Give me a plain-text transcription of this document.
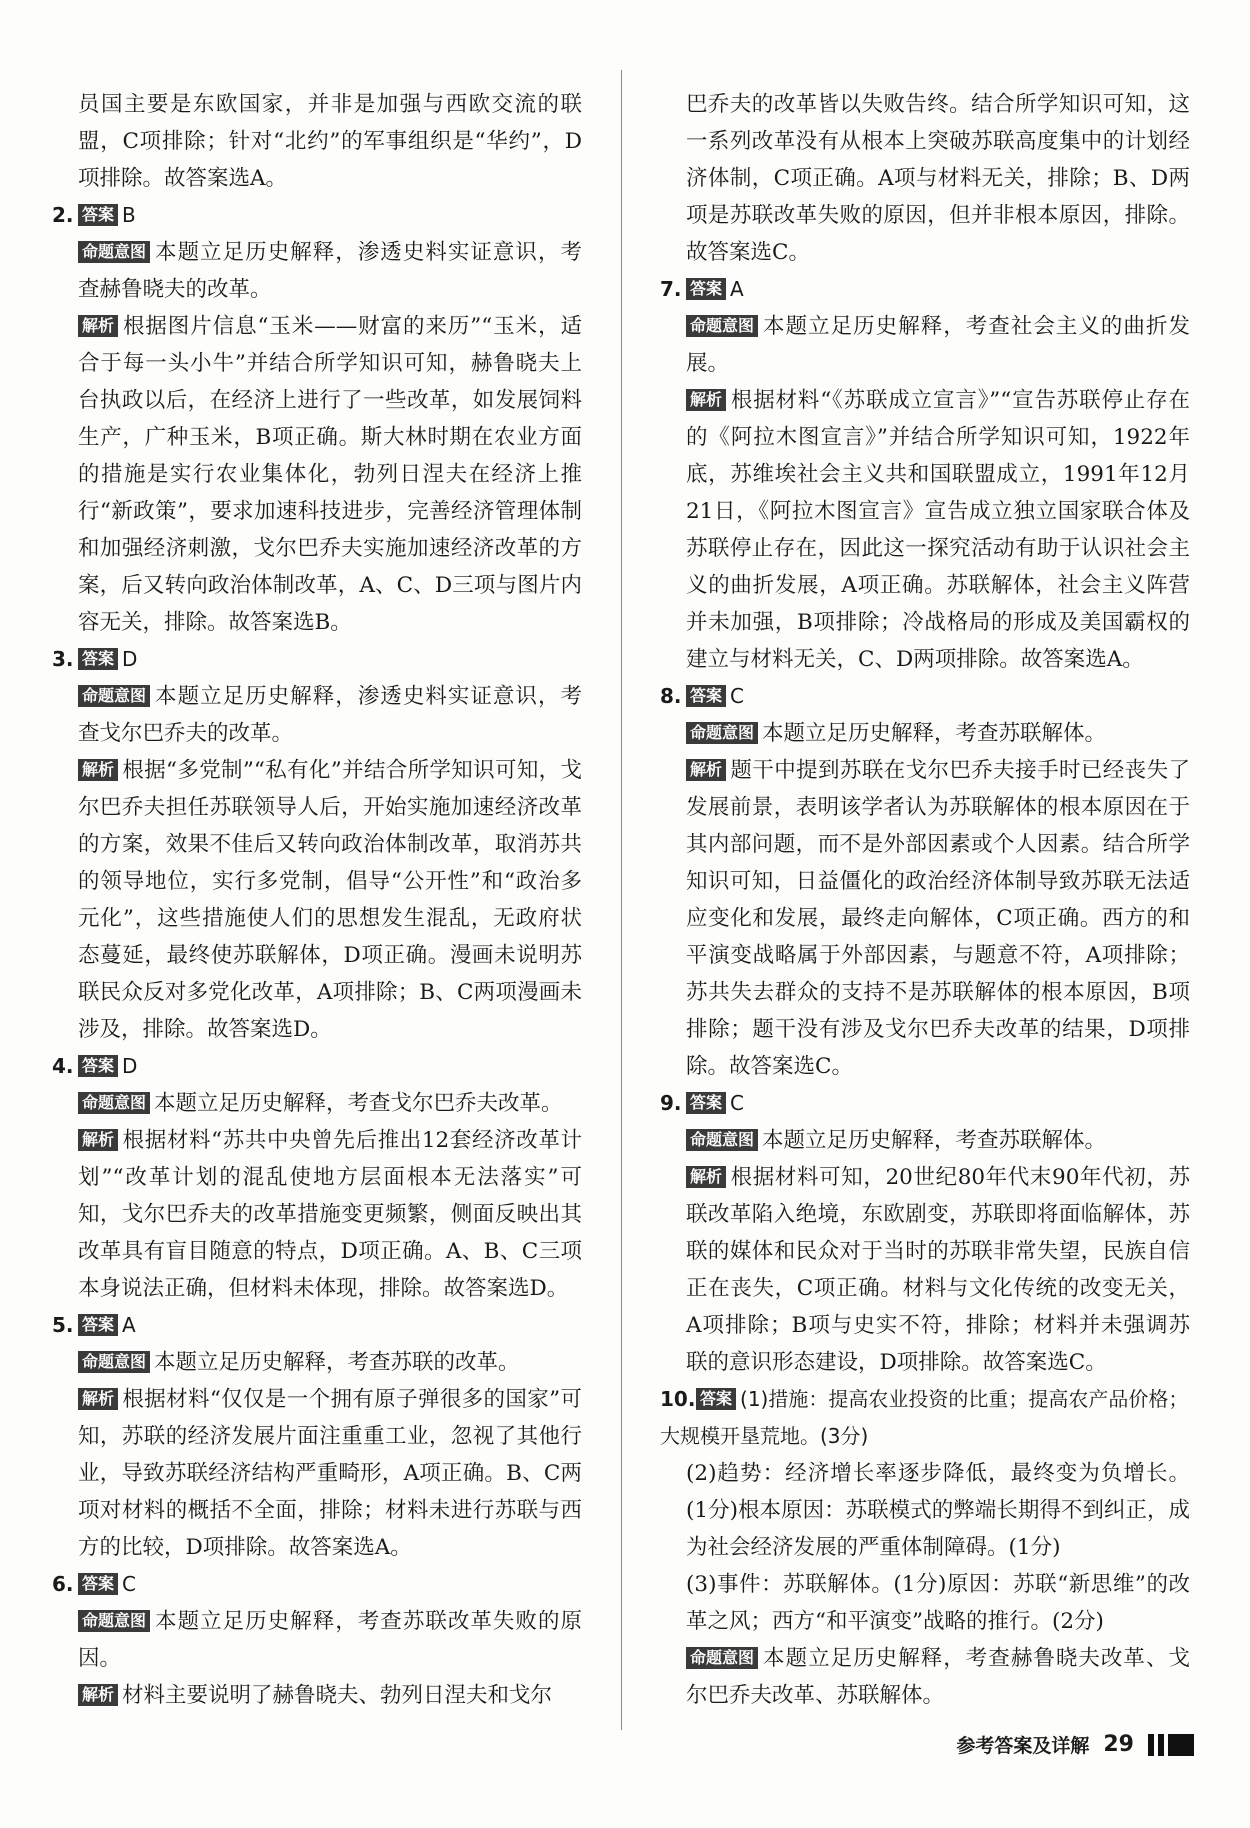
员国主要是东欧国家，并非是加强与西欧交流的联盟，C项排除；针对“北约”的军事组织是“华约”，D项排除。故答案选A。
2. 答案 B
命题意图 本题立足历史解释，渗透史料实证意识，考查赫鲁晓夫的改革。
解析 根据图片信息“玉米——财富的来历”“玉米，适合于每一头小牛”并结合所学知识可知，赫鲁晓夫上台执政以后，在经济上进行了一些改革，如发展饲料生产，广种玉米，B项正确。斯大林时期在农业方面的措施是实行农业集体化，勃列日涅夫在经济上推行“新政策”，要求加速科技进步，完善经济管理体制和加强经济刺激，戈尔巴乔夫实施加速经济改革的方案，后又转向政治体制改革，A、C、D三项与图片内容无关，排除。故答案选B。
3. 答案 D
命题意图 本题立足历史解释，渗透史料实证意识，考查戈尔巴乔夫的改革。
解析 根据“多党制”“私有化”并结合所学知识可知，戈尔巴乔夫担任苏联领导人后，开始实施加速经济改革的方案，效果不佳后又转向政治体制改革，取消苏共的领导地位，实行多党制，倡导“公开性”和“政治多元化”，这些措施使人们的思想发生混乱，无政府状态蔓延，最终使苏联解体，D项正确。漫画未说明苏联民众反对多党化改革，A项排除；B、C两项漫画未涉及，排除。故答案选D。
4. 答案 D
命题意图 本题立足历史解释，考查戈尔巴乔夫改革。
解析 根据材料“苏共中央曾先后推出12套经济改革计划”“改革计划的混乱使地方层面根本无法落实”可知，戈尔巴乔夫的改革措施变更频繁，侧面反映出其改革具有盲目随意的特点，D项正确。A、B、C三项本身说法正确，但材料未体现，排除。故答案选D。
5. 答案 A
命题意图 本题立足历史解释，考查苏联的改革。
解析 根据材料“仅仅是一个拥有原子弹很多的国家”可知，苏联的经济发展片面注重重工业，忽视了其他行业，导致苏联经济结构严重畸形，A项正确。B、C两项对材料的概括不全面，排除；材料未进行苏联与西方的比较，D项排除。故答案选A。
6. 答案 C
命题意图 本题立足历史解释，考查苏联改革失败的原因。
解析 材料主要说明了赫鲁晓夫、勃列日涅夫和戈尔
巴乔夫的改革皆以失败告终。结合所学知识可知，这一系列改革没有从根本上突破苏联高度集中的计划经济体制，C项正确。A项与材料无关，排除；B、D两项是苏联改革失败的原因，但并非根本原因，排除。故答案选C。
7. 答案 A
命题意图 本题立足历史解释，考查社会主义的曲折发展。
解析 根据材料“《苏联成立宣言》”“宣告苏联停止存在的《阿拉木图宣言》”并结合所学知识可知，1922年底，苏维埃社会主义共和国联盟成立，1991年12月21日，《阿拉木图宣言》宣告成立独立国家联合体及苏联停止存在，因此这一探究活动有助于认识社会主义的曲折发展，A项正确。苏联解体，社会主义阵营并未加强，B项排除；冷战格局的形成及美国霸权的建立与材料无关，C、D两项排除。故答案选A。
8. 答案 C
命题意图 本题立足历史解释，考查苏联解体。
解析 题干中提到苏联在戈尔巴乔夫接手时已经丧失了发展前景，表明该学者认为苏联解体的根本原因在于其内部问题，而不是外部因素或个人因素。结合所学知识可知，日益僵化的政治经济体制导致苏联无法适应变化和发展，最终走向解体，C项正确。西方的和平演变战略属于外部因素，与题意不符，A项排除；苏共失去群众的支持不是苏联解体的根本原因，B项排除；题干没有涉及戈尔巴乔夫改革的结果，D项排除。故答案选C。
9. 答案 C
命题意图 本题立足历史解释，考查苏联解体。
解析 根据材料可知，20世纪80年代末90年代初，苏联改革陷入绝境，东欧剧变，苏联即将面临解体，苏联的媒体和民众对于当时的苏联非常失望，民族自信正在丧失，C项正确。材料与文化传统的改变无关，A项排除；B项与史实不符，排除；材料并未强调苏联的意识形态建设，D项排除。故答案选C。
10. 答案 (1)措施：提高农业投资的比重；提高农产品价格；大规模开垦荒地。(3分)
(2)趋势：经济增长率逐步降低，最终变为负增长。(1分)根本原因：苏联模式的弊端长期得不到纠正，成为社会经济发展的严重体制障碍。(1分)
(3)事件：苏联解体。(1分)原因：苏联“新思维”的改革之风；西方“和平演变”战略的推行。(2分)
命题意图 本题立足历史解释，考查赫鲁晓夫改革、戈尔巴乔夫改革、苏联解体。
参考答案及详解 29
